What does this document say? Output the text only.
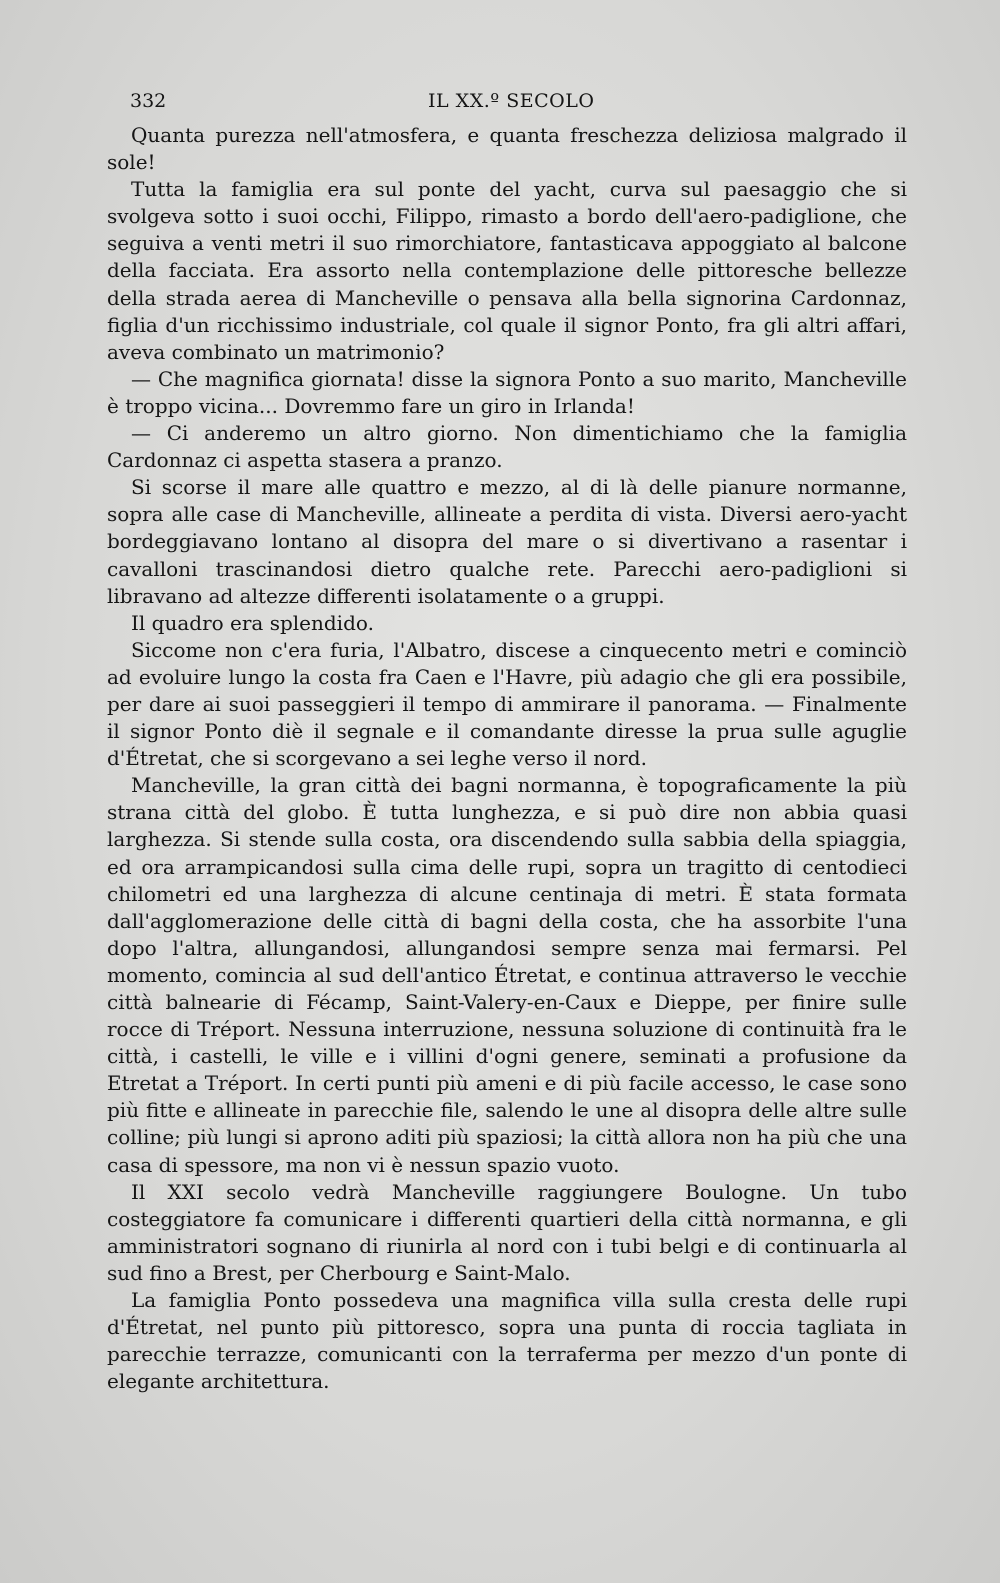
332	IL XX.º SECOLO

Quanta purezza nell'atmosfera, e quanta freschezza deliziosa malgrado il sole!

Tutta la famiglia era sul ponte del yacht, curva sul paesaggio che si svolgeva sotto i suoi occhi, Filippo, rimasto a bordo dell'aero-padiglione, che seguiva a venti metri il suo rimorchiatore, fantasticava appoggiato al balcone della facciata. Era assorto nella contemplazione delle pittoresche bellezze della strada aerea di Mancheville o pensava alla bella signorina Cardonnaz, figlia d'un ricchissimo industriale, col quale il signor Ponto, fra gli altri affari, aveva combinato un matrimonio?

— Che magnifica giornata! disse la signora Ponto a suo marito, Mancheville è troppo vicina... Dovremmo fare un giro in Irlanda!

— Ci anderemo un altro giorno. Non dimentichiamo che la famiglia Cardonnaz ci aspetta stasera a pranzo.

Si scorse il mare alle quattro e mezzo, al di là delle pianure normanne, sopra alle case di Mancheville, allineate a perdita di vista. Diversi aero-yacht bordeggiavano lontano al disopra del mare o si divertivano a rasentar i cavalloni trascinandosi dietro qualche rete. Parecchi aero-padiglioni si libravano ad altezze differenti isolatamente o a gruppi.

Il quadro era splendido.

Siccome non c'era furia, l'Albatro, discese a cinquecento metri e cominciò ad evoluire lungo la costa fra Caen e l'Havre, più adagio che gli era possibile, per dare ai suoi passeggieri il tempo di ammirare il panorama. — Finalmente il signor Ponto diè il segnale e il comandante diresse la prua sulle aguglie d'Étretat, che si scorgevano a sei leghe verso il nord.

Mancheville, la gran città dei bagni normanna, è topograficamente la più strana città del globo. È tutta lunghezza, e si può dire non abbia quasi larghezza. Si stende sulla costa, ora discendendo sulla sabbia della spiaggia, ed ora arrampicandosi sulla cima delle rupi, sopra un tragitto di centodieci chilometri ed una larghezza di alcune centinaja di metri. È stata formata dall'agglomerazione delle città di bagni della costa, che ha assorbite l'una dopo l'altra, allungandosi, allungandosi sempre senza mai fermarsi. Pel momento, comincia al sud dell'antico Étretat, e continua attraverso le vecchie città balnearie di Fécamp, Saint-Valery-en-Caux e Dieppe, per finire sulle rocce di Tréport. Nessuna interruzione, nessuna soluzione di continuità fra le città, i castelli, le ville e i villini d'ogni genere, seminati a profusione da Etretat a Tréport. In certi punti più ameni e di più facile accesso, le case sono più fitte e allineate in parecchie file, salendo le une al disopra delle altre sulle colline; più lungi si aprono aditi più spaziosi; la città allora non ha più che una casa di spessore, ma non vi è nessun spazio vuoto.

Il XXI secolo vedrà Mancheville raggiungere Boulogne. Un tubo costeggiatore fa comunicare i differenti quartieri della città normanna, e gli amministratori sognano di riunirla al nord con i tubi belgi e di continuarla al sud fino a Brest, per Cherbourg e Saint-Malo.

La famiglia Ponto possedeva una magnifica villa sulla cresta delle rupi d'Étretat, nel punto più pittoresco, sopra una punta di roccia tagliata in parecchie terrazze, comunicanti con la terraferma per mezzo d'un ponte di elegante architettura.
